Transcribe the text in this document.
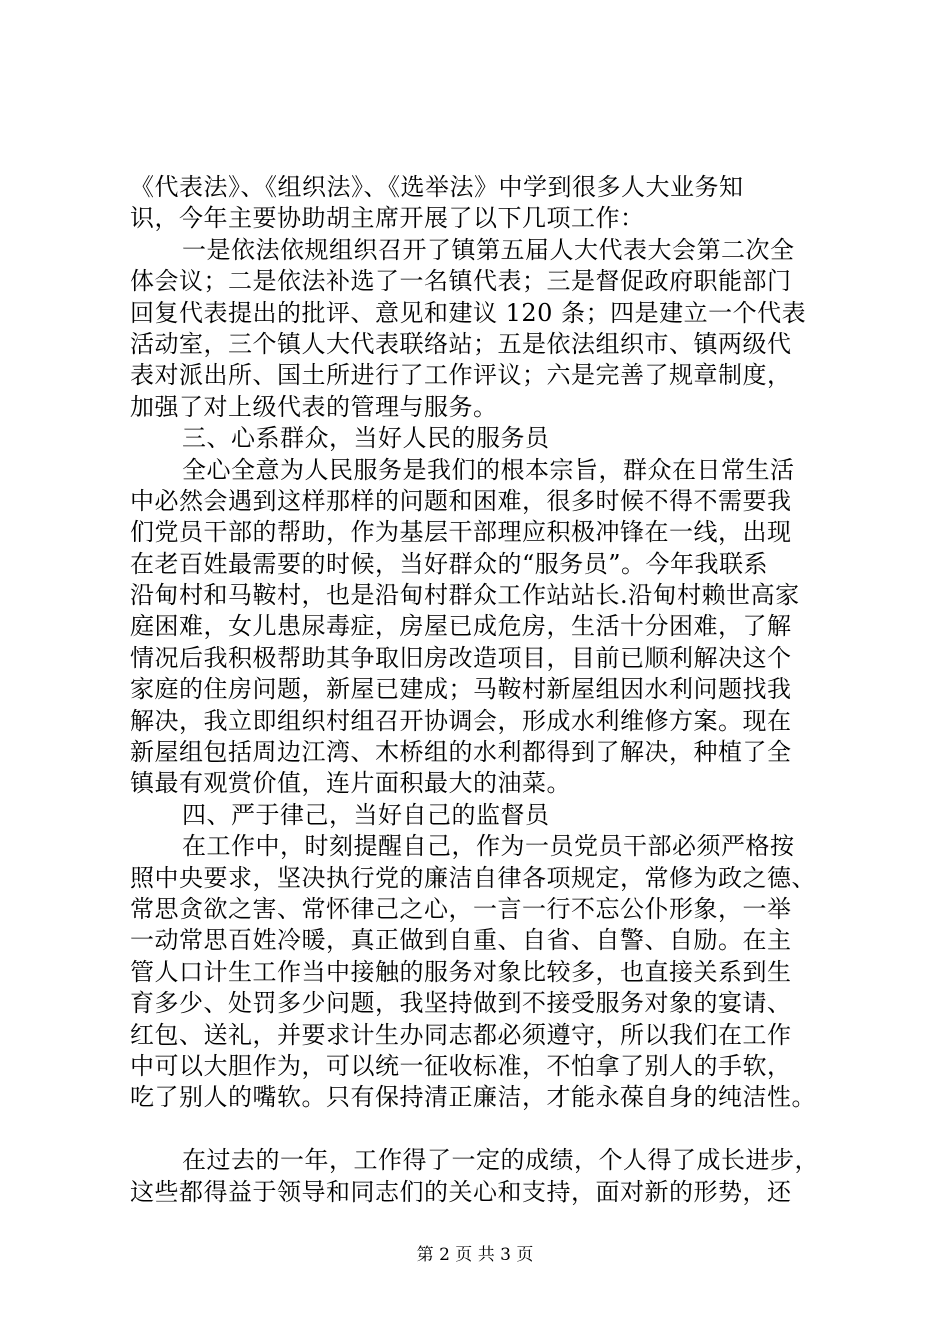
《代表法》、《组织法》、《选举法》中学到很多人大业务知
识，今年主要协助胡主席开展了以下几项工作：
一是依法依规组织召开了镇第五届人大代表大会第二次全
体会议；二是依法补选了一名镇代表；三是督促政府职能部门
回复代表提出的批评、意见和建议 120 条；四是建立一个代表
活动室，三个镇人大代表联络站；五是依法组织市、镇两级代
表对派出所、国土所进行了工作评议；六是完善了规章制度，
加强了对上级代表的管理与服务。
三、心系群众，当好人民的服务员
全心全意为人民服务是我们的根本宗旨，群众在日常生活
中必然会遇到这样那样的问题和困难，很多时候不得不需要我
们党员干部的帮助，作为基层干部理应积极冲锋在一线，出现
在老百姓最需要的时候，当好群众的“服务员”。今年我联系
沿甸村和马鞍村，也是沿甸村群众工作站站长.沿甸村赖世高家
庭困难，女儿患尿毒症，房屋已成危房，生活十分困难，了解
情况后我积极帮助其争取旧房改造项目，目前已顺利解决这个
家庭的住房问题，新屋已建成；马鞍村新屋组因水利问题找我
解决，我立即组织村组召开协调会，形成水利维修方案。现在
新屋组包括周边江湾、木桥组的水利都得到了解决，种植了全
镇最有观赏价值，连片面积最大的油菜。
四、严于律己，当好自己的监督员
在工作中，时刻提醒自己，作为一员党员干部必须严格按
照中央要求，坚决执行党的廉洁自律各项规定，常修为政之德、
常思贪欲之害、常怀律己之心，一言一行不忘公仆形象，一举
一动常思百姓冷暖，真正做到自重、自省、自警、自励。在主
管人口计生工作当中接触的服务对象比较多，也直接关系到生
育多少、处罚多少问题，我坚持做到不接受服务对象的宴请、
红包、送礼，并要求计生办同志都必须遵守，所以我们在工作
中可以大胆作为，可以统一征收标准，不怕拿了别人的手软，
吃了别人的嘴软。只有保持清正廉洁，才能永葆自身的纯洁性。
在过去的一年，工作得了一定的成绩，个人得了成长进步，
这些都得益于领导和同志们的关心和支持，面对新的形势，还
第 2 页 共 3 页
